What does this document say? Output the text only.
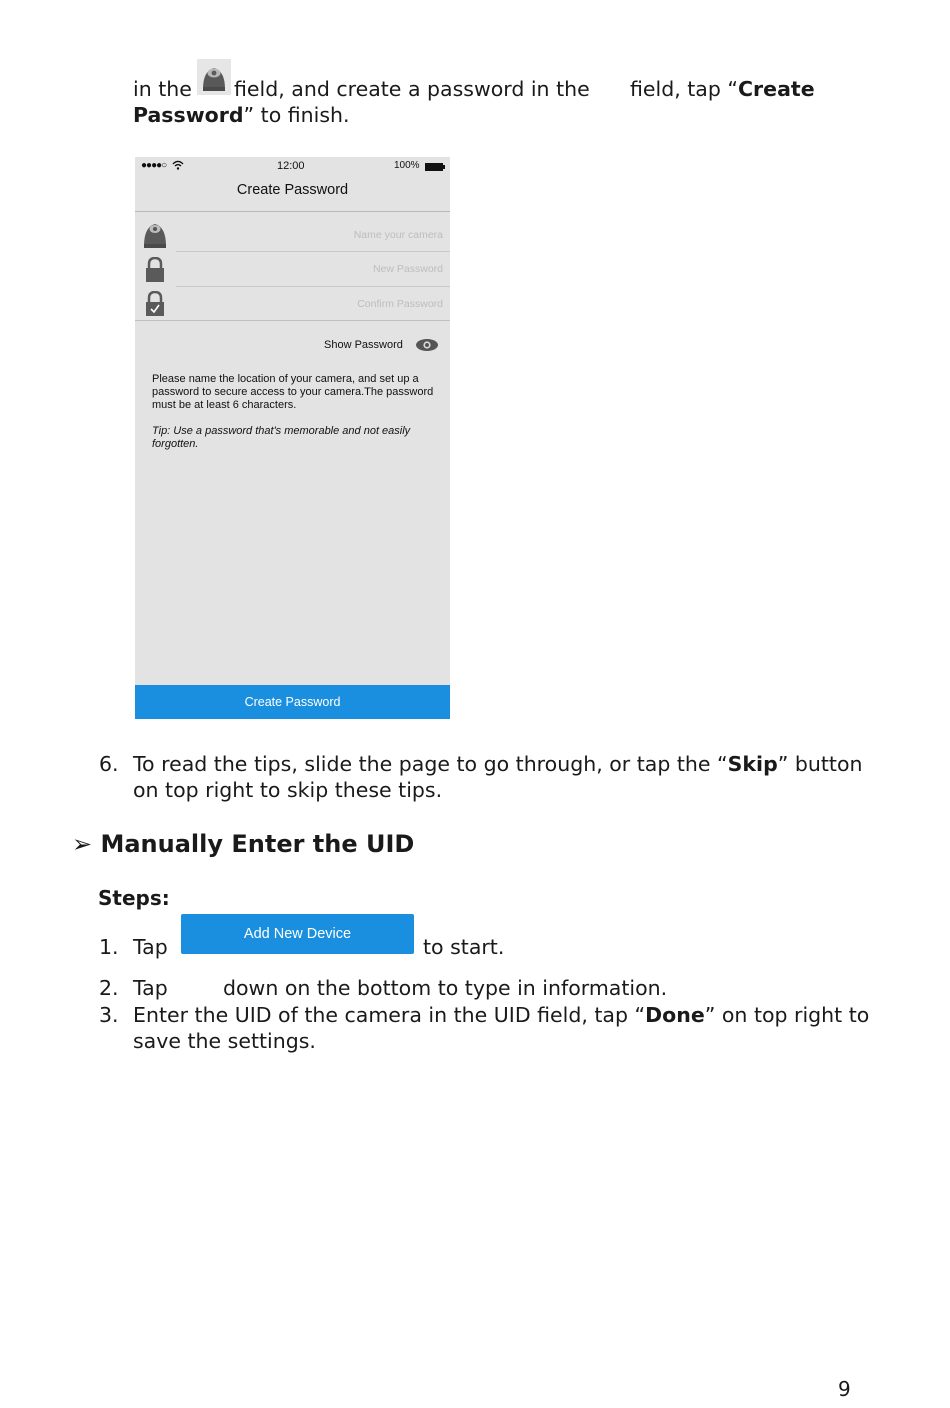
in the field, and create a password in the field, tap “Create
Password” to finish.
●●●●○	12:00	100%
Create Password
Name your camera
New Password
Confirm Password
Show Password
Please name the location of your camera, and set up a password to secure access to your camera.The password must be at least 6 characters.
Tip: Use a password that's memorable and not easily forgotten.
Create Password
6. To read the tips, slide the page to go through, or tap the “Skip” button
on top right to skip these tips.
➢ Manually Enter the UID
Steps:
1. Tap
Add New Device
to start.
2. Tap	down on the bottom to type in information.
3. Enter the UID of the camera in the UID field, tap “Done” on top right to
save the settings.
9
